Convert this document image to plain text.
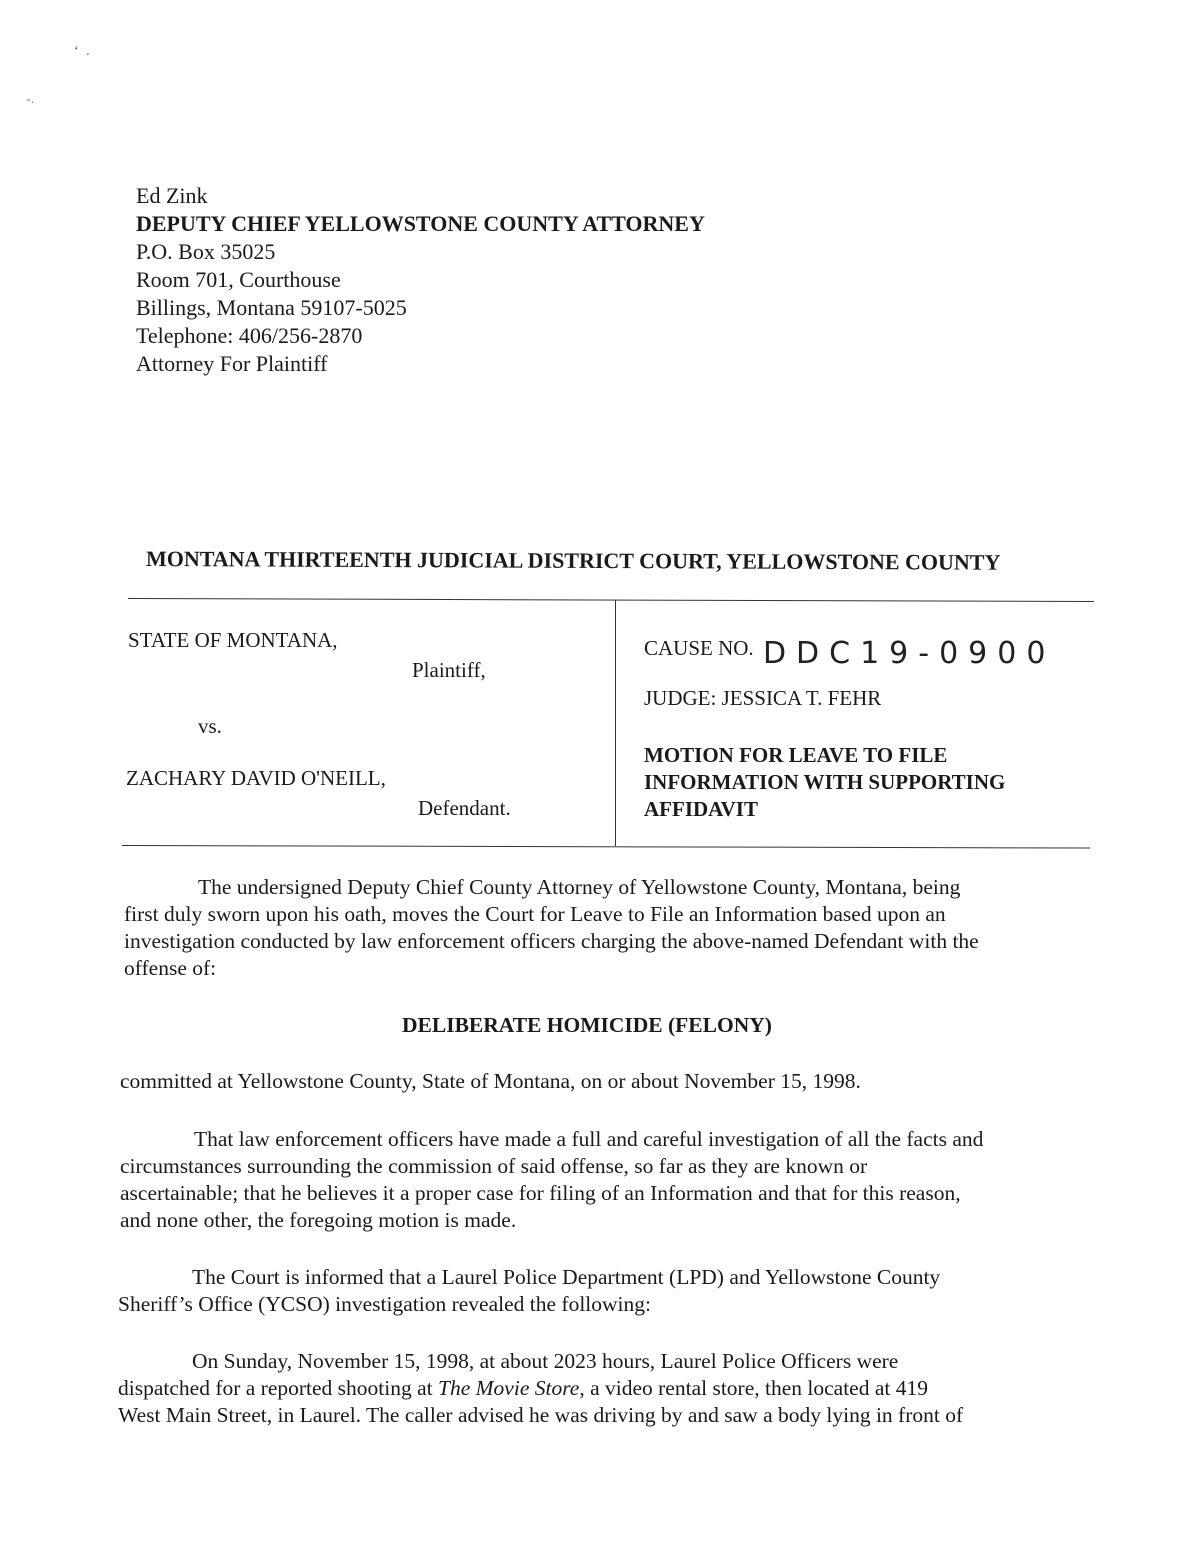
‘ .
-.
Ed Zink
DEPUTY CHIEF YELLOWSTONE COUNTY ATTORNEY
P.O. Box 35025
Room 701, Courthouse
Billings, Montana 59107-5025
Telephone: 406/256-2870
Attorney For Plaintiff
MONTANA THIRTEENTH JUDICIAL DISTRICT COURT, YELLOWSTONE COUNTY
STATE OF MONTANA,
Plaintiff,
vs.
ZACHARY DAVID O'NEILL,
Defendant.
CAUSE NO. DDC19-0900
JUDGE: JESSICA T. FEHR
MOTION FOR LEAVE TO FILE
INFORMATION WITH SUPPORTING
AFFIDAVIT
The undersigned Deputy Chief County Attorney of Yellowstone County, Montana, being
first duly sworn upon his oath, moves the Court for Leave to File an Information based upon an
investigation conducted by law enforcement officers charging the above-named Defendant with the
offense of:
DELIBERATE HOMICIDE (FELONY)
committed at Yellowstone County, State of Montana, on or about November 15, 1998.
That law enforcement officers have made a full and careful investigation of all the facts and
circumstances surrounding the commission of said offense, so far as they are known or
ascertainable; that he believes it a proper case for filing of an Information and that for this reason,
and none other, the foregoing motion is made.
The Court is informed that a Laurel Police Department (LPD) and Yellowstone County
Sheriff’s Office (YCSO) investigation revealed the following:
On Sunday, November 15, 1998, at about 2023 hours, Laurel Police Officers were
dispatched for a reported shooting at The Movie Store, a video rental store, then located at 419
West Main Street, in Laurel. The caller advised he was driving by and saw a body lying in front of
